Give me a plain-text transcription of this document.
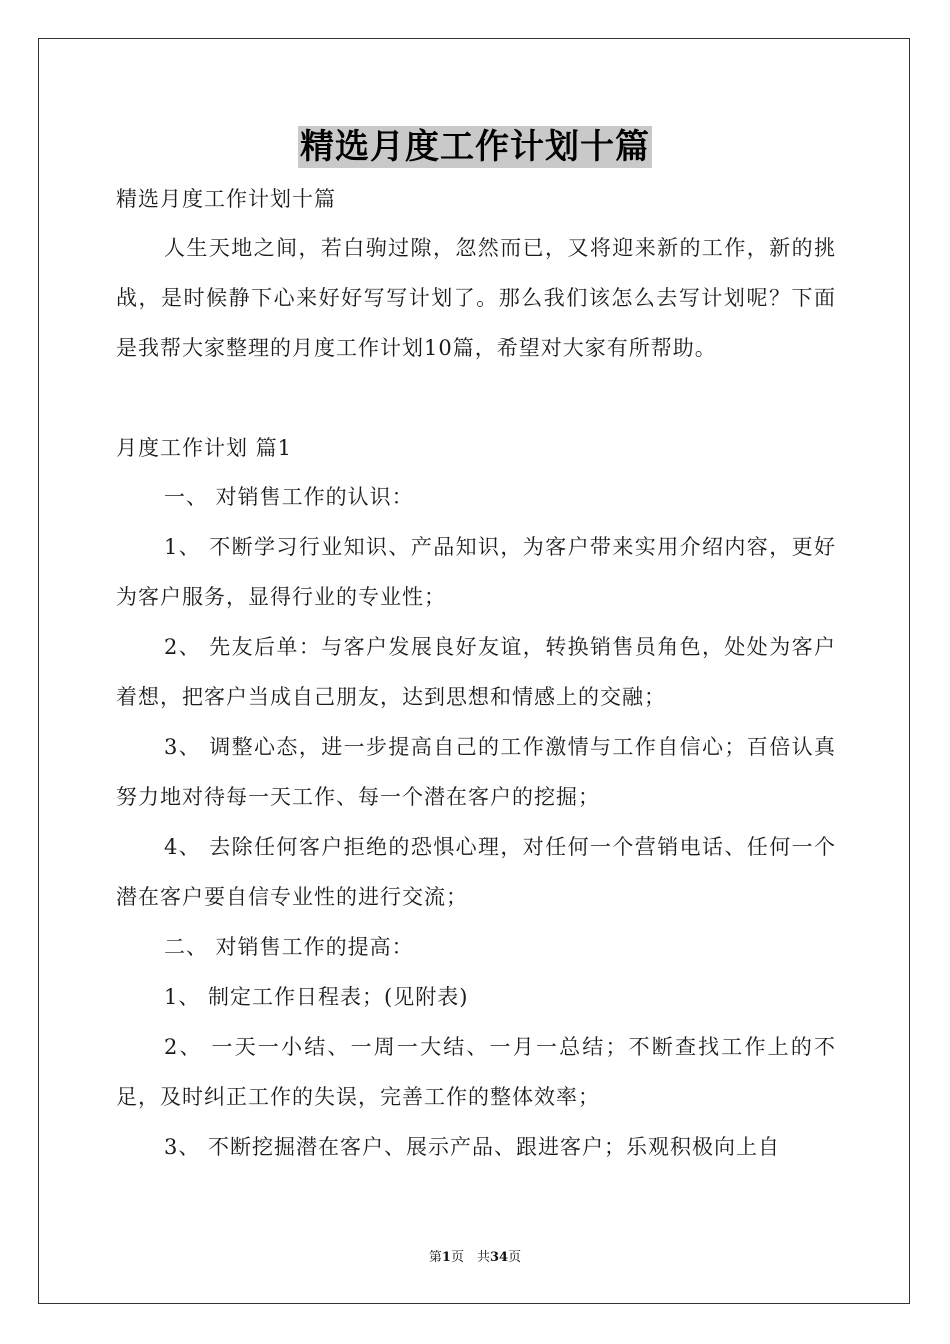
精选月度工作计划十篇
精选月度工作计划十篇
人生天地之间，若白驹过隙，忽然而已，又将迎来新的工作，新的挑战，是时候静下心来好好写写计划了。那么我们该怎么去写计划呢？下面是我帮大家整理的月度工作计划10篇，希望对大家有所帮助。
月度工作计划 篇1
一、 对销售工作的认识：
1、 不断学习行业知识、产品知识，为客户带来实用介绍内容，更好为客户服务，显得行业的专业性；
2、 先友后单：与客户发展良好友谊，转换销售员角色，处处为客户着想，把客户当成自己朋友，达到思想和情感上的交融；
3、 调整心态，进一步提高自己的工作激情与工作自信心；百倍认真努力地对待每一天工作、每一个潜在客户的挖掘；
4、 去除任何客户拒绝的恐惧心理，对任何一个营销电话、任何一个潜在客户要自信专业性的进行交流；
二、 对销售工作的提高：
1、 制定工作日程表；(见附表)
2、 一天一小结、一周一大结、一月一总结；不断查找工作上的不足，及时纠正工作的失误，完善工作的整体效率；
3、 不断挖掘潜在客户、展示产品、跟进客户；乐观积极向上自
第1页　共34页
